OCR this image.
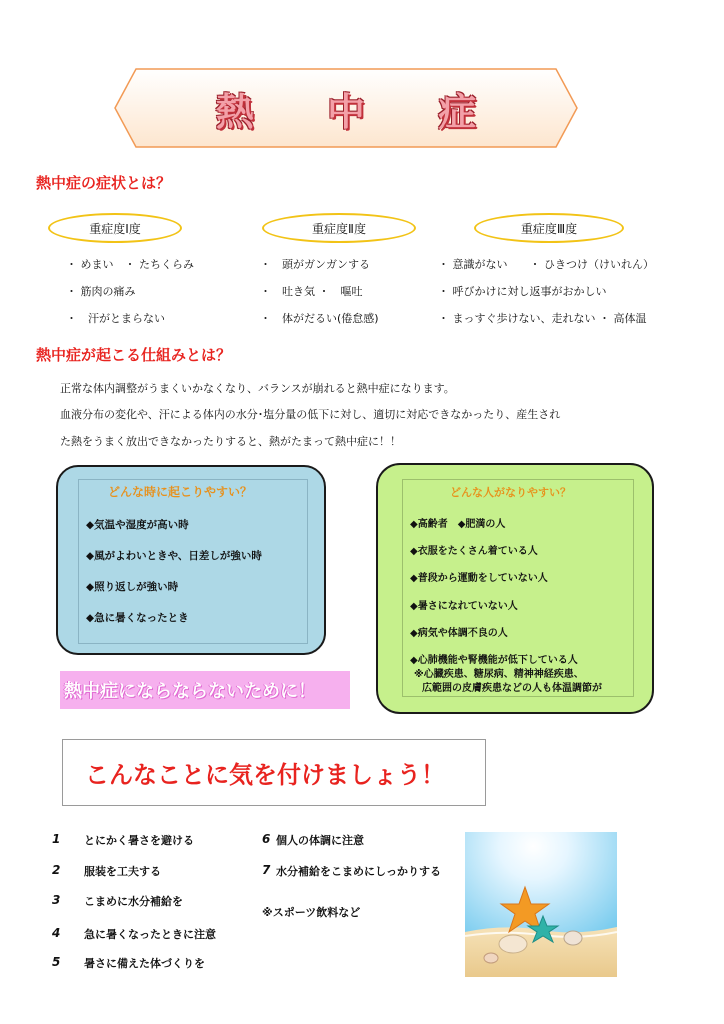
熱 中 症
熱中症の症状とは？
重症度Ⅰ度	重症度Ⅱ度	重症度Ⅲ度
・ めまい　・ たちくらみ
・ 筋肉の痛み
・　汗がとまらない
・　頭がガンガンする
・　吐き気 ・　嘔吐
・　体がだるい(倦怠感)
・ 意識がない　　・ ひきつけ（けいれん）
・ 呼びかけに対し返事がおかしい
・ まっすぐ歩けない、走れない ・ 高体温
熱中症が起こる仕組みとは？
正常な体内調整がうまくいかなくなり、バランスが崩れると熱中症になります。
血液分布の変化や、汗による体内の水分･塩分量の低下に対し、適切に対応できなかったり、産生され
た熱をうまく放出できなかったりすると、熱がたまって熱中症に！！
どんな時に起こりやすい？
◆気温や湿度が高い時
◆風がよわいときや、日差しが強い時
◆照り返しが強い時
◆急に暑くなったとき
どんな人がなりやすい？
◆高齢者　◆肥満の人
◆衣服をたくさん着ている人
◆普段から運動をしていない人
◆暑さになれていない人
◆病気や体調不良の人
◆心肺機能や腎機能が低下している人
※心臓疾患、糖尿病、精神神経疾患、
広範囲の皮膚疾患などの人も体温調節が
熱中症にならならないために！
こんなことに気を付けましょう！
1 とにかく暑さを避ける
2 服装を工夫する
3 こまめに水分補給を
4 急に暑くなったときに注意
5 暑さに備えた体づくりを
6 個人の体調に注意
7 水分補給をこまめにしっかりする
※スポーツ飲料など
